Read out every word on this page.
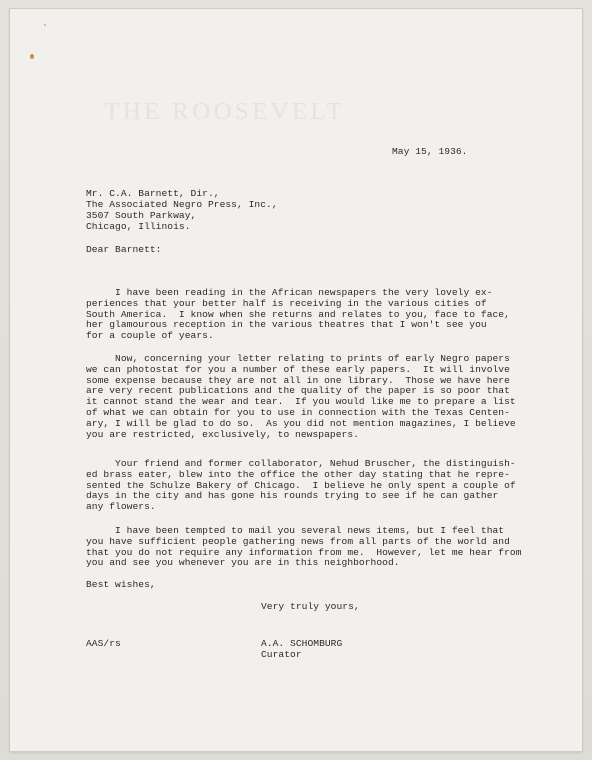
THE ROOSEVELT
May 15, 1936.
Mr. C.A. Barnett, Dir.,
The Associated Negro Press, Inc.,
3507 South Parkway,
Chicago, Illinois.
Dear Barnett:
I have been reading in the African newspapers the very lovely ex-
periences that your better half is receiving in the various cities of
South America.  I know when she returns and relates to you, face to face,
her glamourous reception in the various theatres that I won't see you
for a couple of years.
Now, concerning your letter relating to prints of early Negro papers
we can photostat for you a number of these early papers.  It will involve
some expense because they are not all in one library.  Those we have here
are very recent publications and the quality of the paper is so poor that
it cannot stand the wear and tear.  If you would like me to prepare a list
of what we can obtain for you to use in connection with the Texas Centen-
ary, I will be glad to do so.  As you did not mention magazines, I believe
you are restricted, exclusively, to newspapers.
Your friend and former collaborator, Nehud Bruscher, the distinguish-
ed brass eater, blew into the office the other day stating that he repre-
sented the Schulze Bakery of Chicago.  I believe he only spent a couple of
days in the city and has gone his rounds trying to see if he can gather
any flowers.
I have been tempted to mail you several news items, but I feel that
you have sufficient people gathering news from all parts of the world and
that you do not require any information from me.  However, let me hear from
you and see you whenever you are in this neighborhood.
Best wishes,
Very truly yours,
AAS/rs	A.A. SCHOMBURG
Curator
